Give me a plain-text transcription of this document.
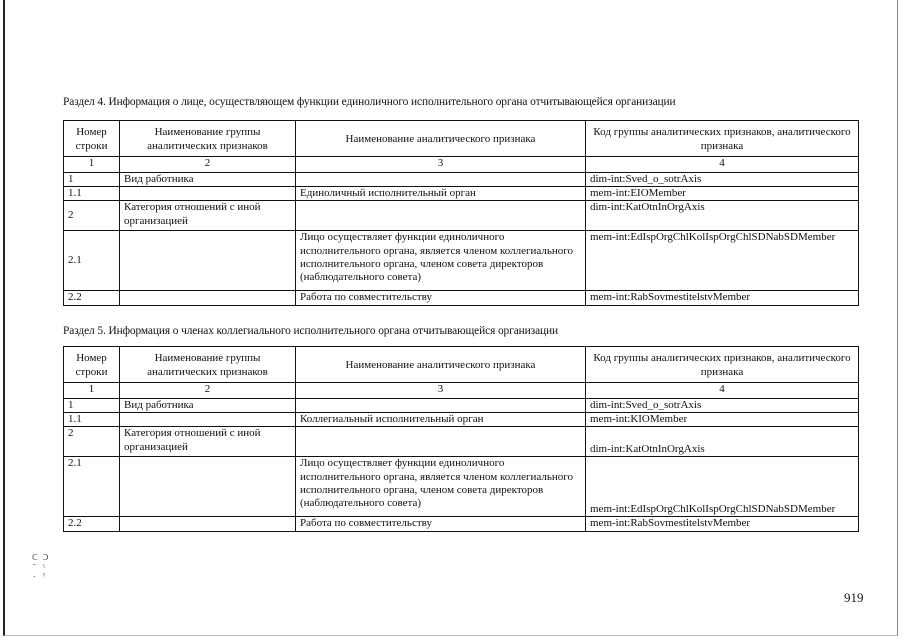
Раздел 4. Информация о лице, осуществляющем функции единоличного исполнительного органа отчитывающейся организации
Номер строки	Наименование группы аналитических признаков	Наименование аналитического признака	Код группы аналитических признаков, аналитического признака
1	2	3	4
1	Вид работника		dim-int:Sved_o_sotrAxis
1.1		Единоличный исполнительный орган	mem-int:EIOMember
2	Категория отношений с иной организацией		dim-int:KatOtnInOrgAxis
2.1		Лицо осуществляет функции единоличного исполнительного органа, является членом коллегиального исполнительного органа, членом совета директоров (наблюдательного совета)	mem-int:EdIspOrgChlKolIspOrgChlSDNabSDMember
2.2		Работа по совместительству	mem-int:RabSovmestitelstvMember
Раздел 5. Информация о членах коллегиального исполнительного органа отчитывающейся организации
Номер строки	Наименование группы аналитических признаков	Наименование аналитического признака	Код группы аналитических признаков, аналитического признака
1	2	3	4
1	Вид работника		dim-int:Sved_o_sotrAxis
1.1		Коллегиальный исполнительный орган	mem-int:KIOMember
2	Категория отношений с иной организацией		dim-int:KatOtnInOrgAxis
2.1		Лицо осуществляет функции единоличного исполнительного органа, является членом коллегиального исполнительного органа, членом совета директоров (наблюдательного совета)	mem-int:EdIspOrgChlKolIspOrgChlSDNabSDMember
2.2		Работа по совместительству	mem-int:RabSovmestitelstvMember
ᑕ ᑐ
ˉ ˡ
ˑ ˀ
919
